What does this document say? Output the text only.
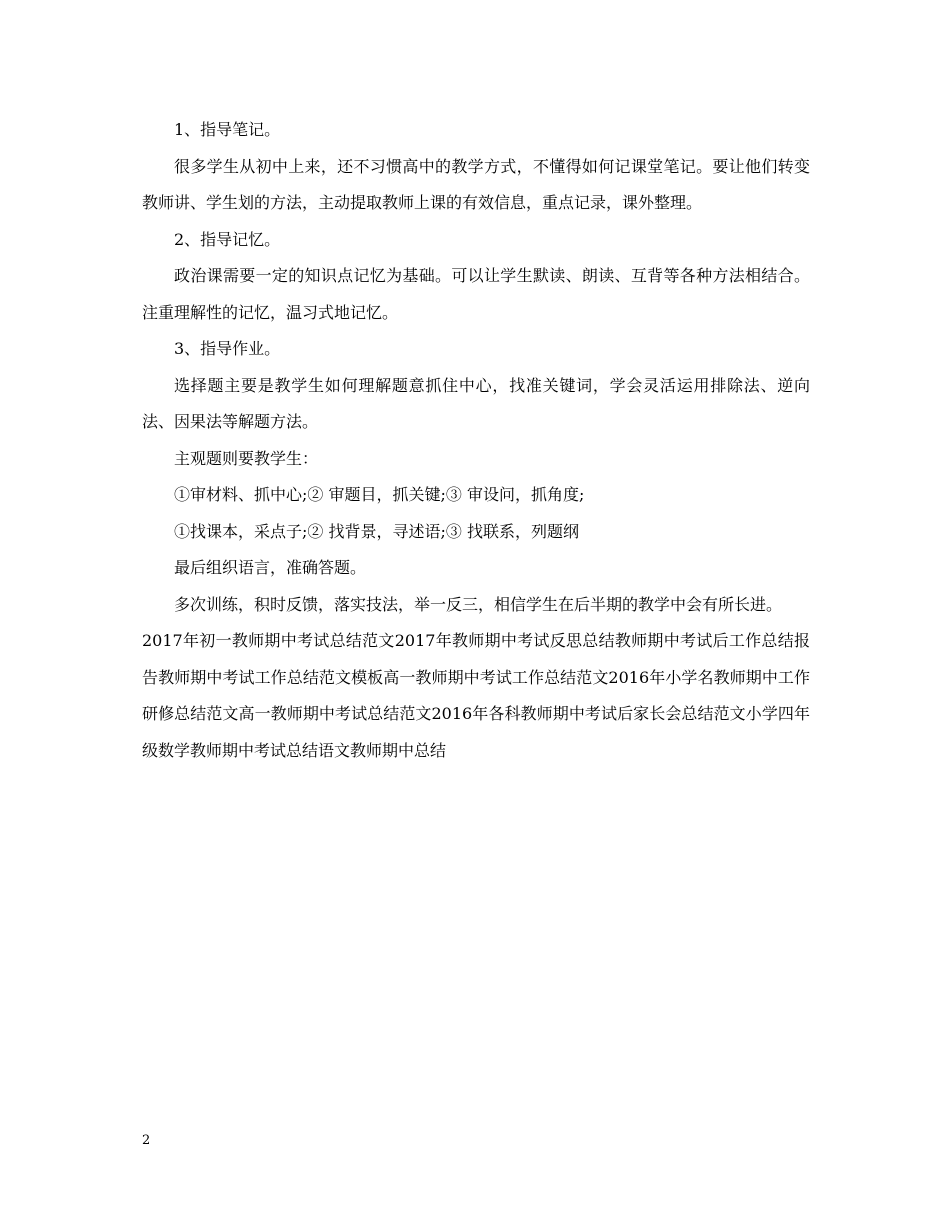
1、指导笔记。

很多学生从初中上来，还不习惯高中的教学方式，不懂得如何记课堂笔记。要让他们转变教师讲、学生划的方法，主动提取教师上课的有效信息，重点记录，课外整理。

2、指导记忆。

政治课需要一定的知识点记忆为基础。可以让学生默读、朗读、互背等各种方法相结合。注重理解性的记忆，温习式地记忆。

3、指导作业。

选择题主要是教学生如何理解题意抓住中心，找准关键词，学会灵活运用排除法、逆向法、因果法等解题方法。

主观题则要教学生：

①审材料、抓中心;② 审题目，抓关键;③ 审设问，抓角度;

①找课本，采点子;② 找背景，寻述语;③ 找联系，列题纲

最后组织语言，准确答题。

多次训练，积时反馈，落实技法，举一反三，相信学生在后半期的教学中会有所长进。

2017年初一教师期中考试总结范文2017年教师期中考试反思总结教师期中考试后工作总结报告教师期中考试工作总结范文模板高一教师期中考试工作总结范文2016年小学名教师期中工作研修总结范文高一教师期中考试总结范文2016年各科教师期中考试后家长会总结范文小学四年级数学教师期中考试总结语文教师期中总结

2
